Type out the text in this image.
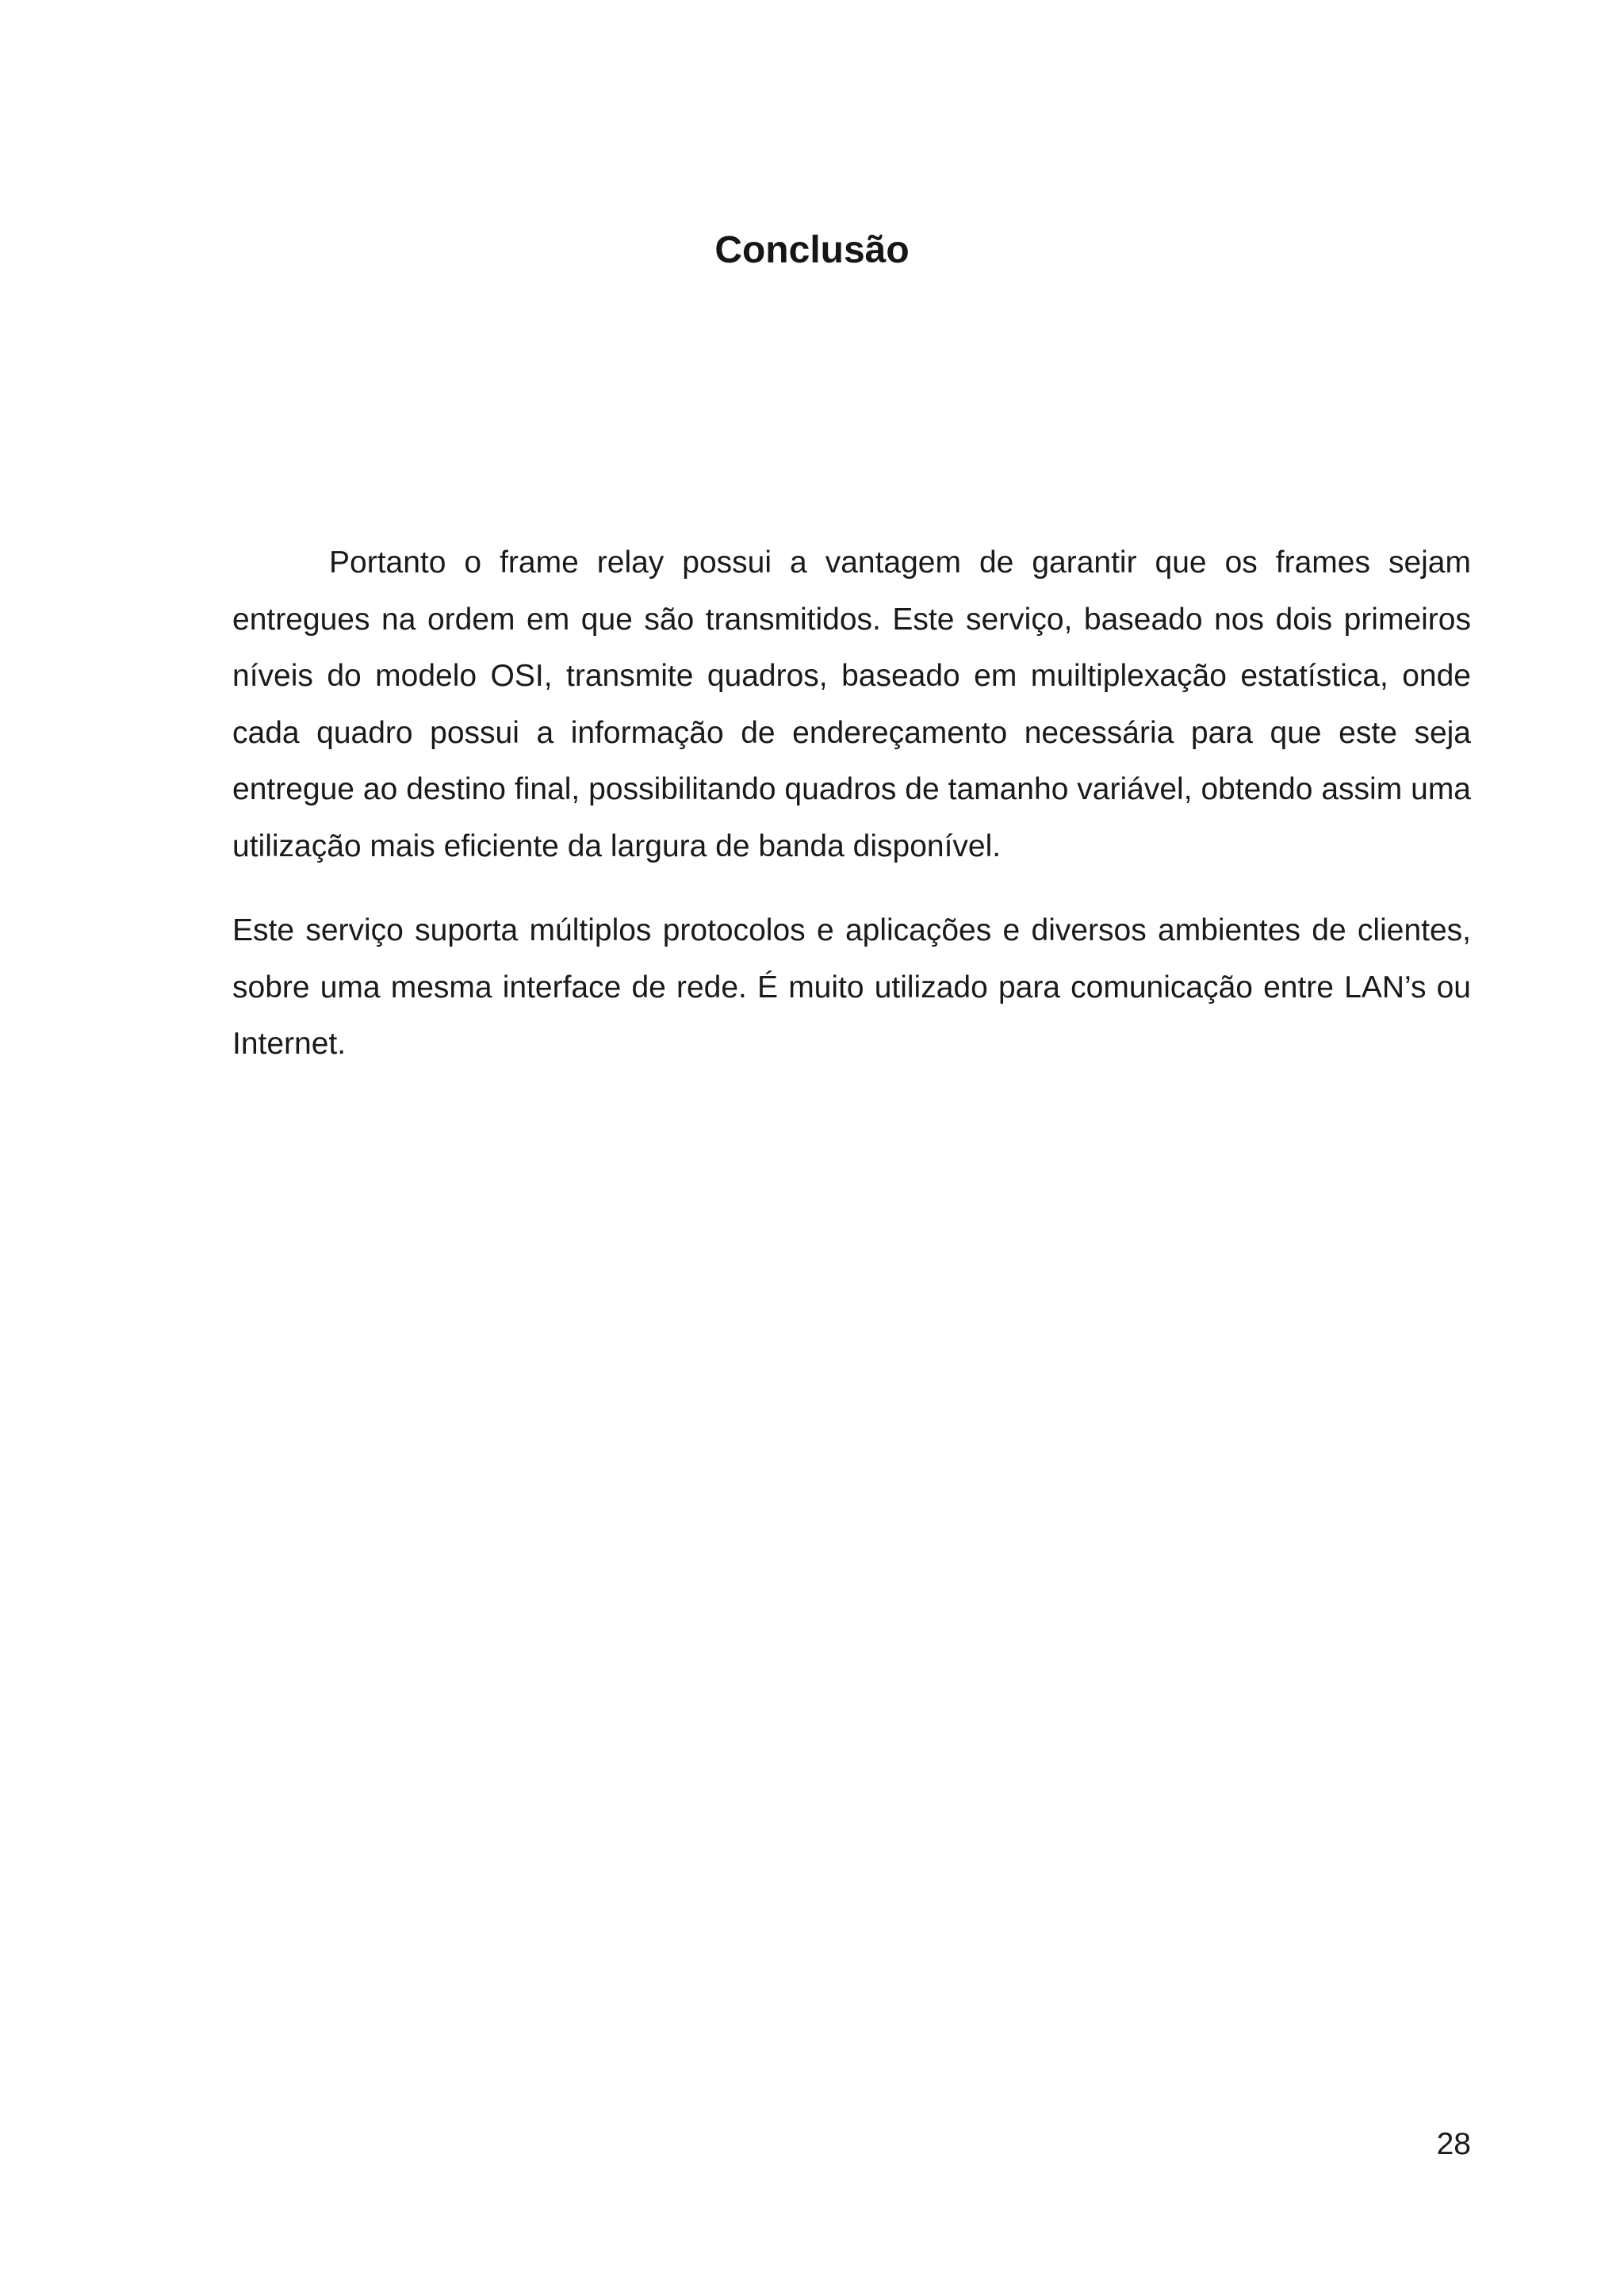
Conclusão

Portanto o frame relay possui a vantagem de garantir que os frames sejam entregues na ordem em que são transmitidos. Este serviço, baseado nos dois primeiros níveis do modelo OSI, transmite quadros, baseado em muiltiplexação estatística, onde cada quadro possui a informação de endereçamento necessária para que este seja entregue ao destino final, possibilitando quadros de tamanho variável, obtendo assim uma utilização mais eficiente da largura de banda disponível.

Este serviço suporta múltiplos protocolos e aplicações e diversos ambientes de clientes, sobre uma mesma interface de rede. É muito utilizado para comunicação entre LAN’s ou Internet.

28
